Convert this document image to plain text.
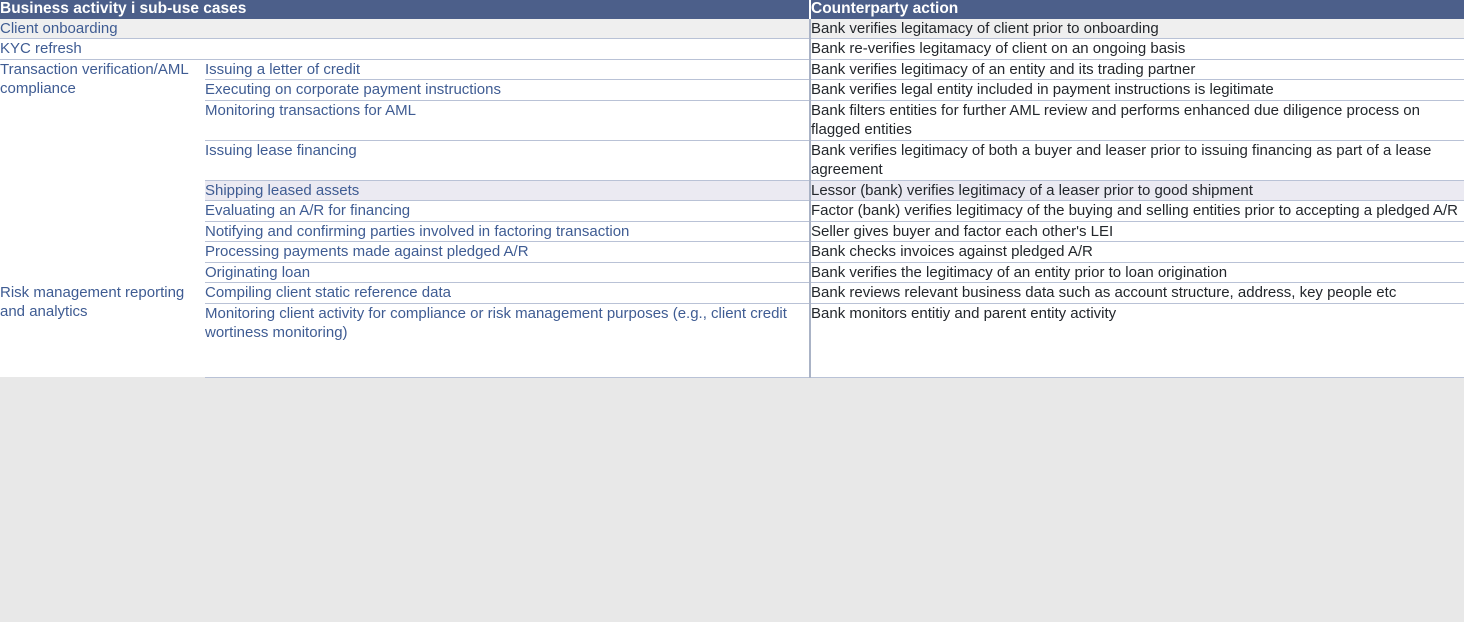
Business activity i sub-use cases		Counterparty action
Client onboarding		Bank verifies legitamacy of client prior to onboarding
KYC refresh		Bank re-verifies legitamacy of client on an ongoing basis
Transaction verification/AML compliance	Issuing a letter of credit	Bank verifies legitimacy of an entity and its trading partner
	Executing on corporate payment instructions	Bank verifies legal entity included in payment instructions is legitimate
	Monitoring transactions for AML	Bank filters entities for further AML review and performs enhanced due diligence process on flagged entities
	Issuing lease financing	Bank verifies legitimacy of both a buyer and leaser prior to issuing financing as part of a lease agreement
	Shipping leased assets	Lessor (bank) verifies legitimacy of a leaser prior to good shipment
	Evaluating an A/R for financing	Factor (bank) verifies legitimacy of the buying and selling entities prior to accepting a pledged A/R
	Notifying and confirming parties involved in factoring transaction	Seller gives buyer and factor each other's LEI
	Processing payments made against pledged A/R	Bank checks invoices against pledged A/R
	Originating loan	Bank verifies the legitimacy of an entity prior to loan origination
Risk management reporting and analytics	Compiling client static reference data	Bank reviews relevant business data such as account structure, address, key people etc
	Monitoring client activity for compliance or risk management purposes (e.g., client credit wortiness monitoring)	Bank monitors entitiy and parent entity activity
